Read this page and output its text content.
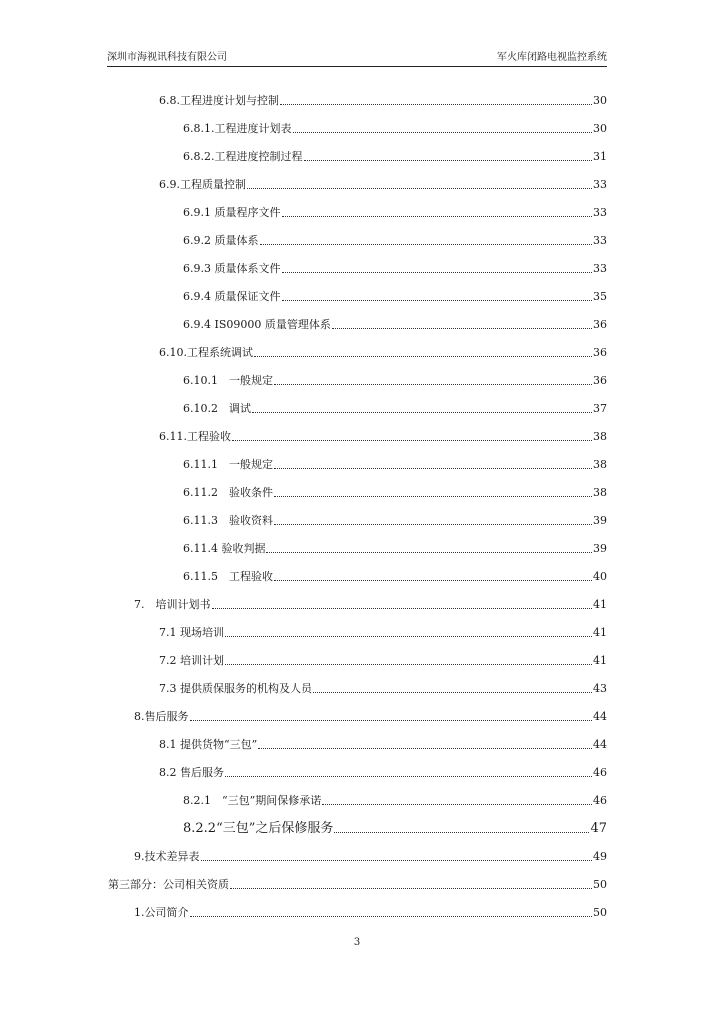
深圳市海视讯科技有限公司	军火库闭路电视监控系统
6.8.工程进度计划与控制	30
6.8.1.工程进度计划表	30
6.8.2.工程进度控制过程	31
6.9.工程质量控制	33
6.9.1 质量程序文件	33
6.9.2 质量体系	33
6.9.3 质量体系文件	33
6.9.4 质量保证文件	35
6.9.4 IS09000 质量管理体系	36
6.10.工程系统调试	36
6.10.1　一般规定	36
6.10.2　调试	37
6.11.工程验收	38
6.11.1　一般规定	38
6.11.2　验收条件	38
6.11.3　验收资料	39
6.11.4 验收判据	39
6.11.5　工程验收	40
7.　培训计划书	41
7.1 现场培训	41
7.2 培训计划	41
7.3 提供质保服务的机构及人员	43
8.售后服务	44
8.1 提供货物“三包”	44
8.2 售后服务	46
8.2.1　“三包”期间保修承诺	46
8.2.2“三包”之后保修服务	47
9.技术差异表	49
第三部分：公司相关资质	50
1.公司简介	50
3
